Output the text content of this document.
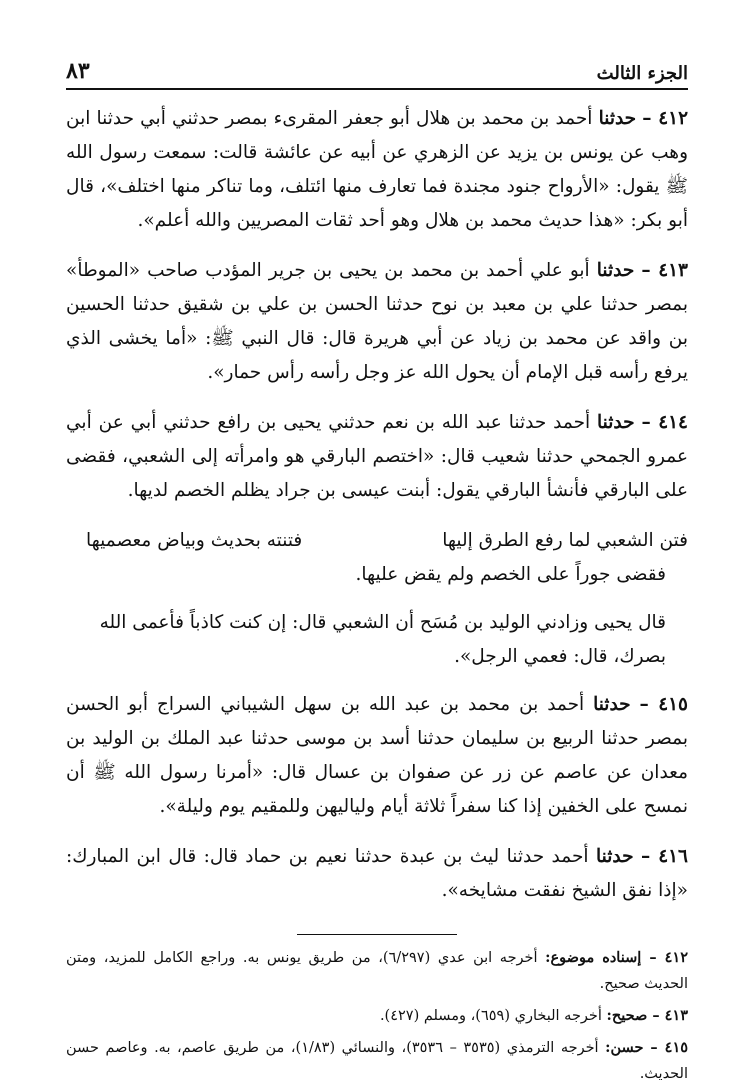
الجزء الثالث
٨٣

٤١٢ – حدثنا أحمد بن محمد بن هلال أبو جعفر المقرىء بمصر حدثني أبي حدثنا ابن وهب عن يونس بن يزيد عن الزهري عن أبيه عن عائشة قالت: سمعت رسول الله ﷺ يقول: «الأرواح جنود مجندة فما تعارف منها ائتلف، وما تناكر منها اختلف»، قال أبو بكر: «هذا حديث محمد بن هلال وهو أحد ثقات المصريين والله أعلم».

٤١٣ – حدثنا أبو علي أحمد بن محمد بن يحيى بن جرير المؤدب صاحب «الموطأ» بمصر حدثنا علي بن معبد بن نوح حدثنا الحسن بن علي بن شقيق حدثنا الحسين بن واقد عن محمد بن زياد عن أبي هريرة قال: قال النبي ﷺ: «أما يخشى الذي يرفع رأسه قبل الإمام أن يحول الله عز وجل رأسه رأس حمار».

٤١٤ – حدثنا أحمد حدثنا عبد الله بن نعم حدثني يحيى بن رافع حدثني أبي عن أبي عمرو الجمحي حدثنا شعيب قال: «اختصم البارقي هو وامرأته إلى الشعبي، فقضى على البارقي فأنشأ البارقي يقول: أبنت عيسى بن جراد يظلم الخصم لديها.

فتن الشعبي لما رفع الطرق إليها
فتنته بحديث وبياض معصميها

فقضى جوراً على الخصم ولم يقض عليها.

قال يحيى وزادني الوليد بن مُسَح أن الشعبي قال: إن كنت كاذباً فأعمى الله بصرك، قال: فعمي الرجل».

٤١٥ – حدثنا أحمد بن محمد بن عبد الله بن سهل الشيباني السراج أبو الحسن بمصر حدثنا الربيع بن سليمان حدثنا أسد بن موسى حدثنا عبد الملك بن الوليد بن معدان عن عاصم عن زر عن صفوان بن عسال قال: «أمرنا رسول الله ﷺ أن نمسح على الخفين إذا كنا سفراً ثلاثة أيام ولياليهن وللمقيم يوم وليلة».

٤١٦ – حدثنا أحمد حدثنا ليث بن عبدة حدثنا نعيم بن حماد قال: قال ابن المبارك: «إذا نفق الشيخ نفقت مشايخه».

٤١٢ – إسناده موضوع: أخرجه ابن عدي (٦/٢٩٧)، من طريق يونس به. وراجع الكامل للمزيد، ومتن الحديث صحيح.

٤١٣ – صحيح: أخرجه البخاري (٦٥٩)، ومسلم (٤٢٧).

٤١٥ – حسن: أخرجه الترمذي (٣٥٣٥ – ٣٥٣٦)، والنسائي (١/٨٣)، من طريق عاصم، به. وعاصم حسن الحديث.
